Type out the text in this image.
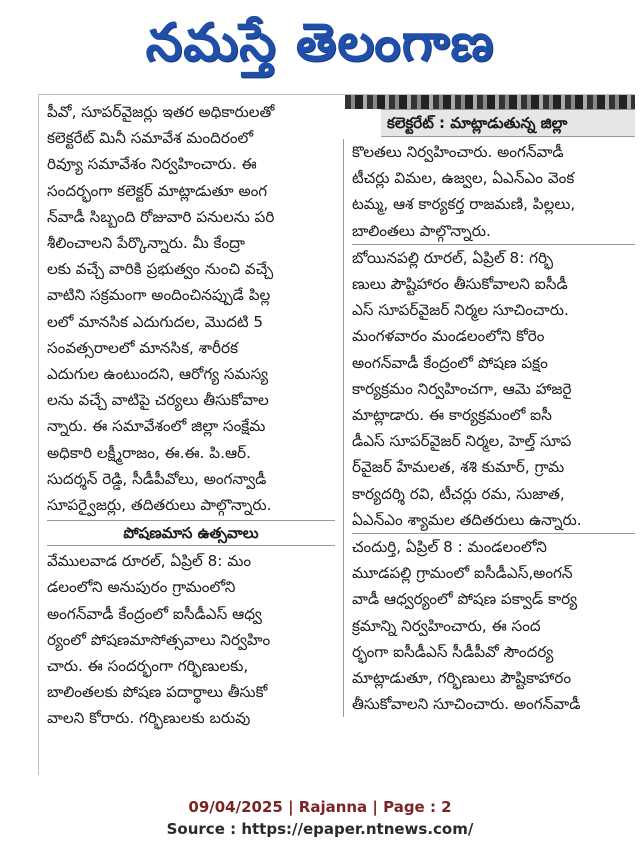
నమస్తే తెలంగాణ
కలెక్టరేట్ : మాట్లాడుతున్న జిల్లా

పీవో, సూపర్‌వైజర్లు ఇతర అధికారులతో

కలెక్టరేట్ మినీ సమావేశ మందిరంలో

రివ్యూ సమావేశం నిర్వహించారు. ఈ

సందర్భంగా కలెక్టర్ మాట్లాడుతూ అంగ

న్‌వాడీ సిబ్బంది రోజువారి పనులను పరి

శీలించాలని పేర్కొన్నారు. మీ కేంద్రా

లకు వచ్చే వారికి ప్రభుత్వం నుంచి వచ్చే

వాటిని సక్రమంగా అందించినప్పుడే పిల్ల

లలో మానసిక ఎదుగుదల, మొదటి 5

సంవత్సరాలలో మానసిక, శారీరక

ఎదుగుల ఉంటుందని, ఆరోగ్య సమస్య

లను వచ్చే వాటిపై చర్యలు తీసుకోవాల

న్నారు. ఈ సమావేశంలో జిల్లా సంక్షేమ

అధికారి లక్ష్మీరాజం, ఈ.ఈ. పి.ఆర్.

సుదర్శన్ రెడ్డి, సీడీపీవోలు, అంగన్వాడీ

సూపర్వైజర్లు, తదితరులు పాల్గొన్నారు.

పోషణమాస ఉత్సవాలు

వేములవాడ రూరల్, ఏప్రిల్ 8: మం

డలంలోని అనుపురం గ్రామంలోని

అంగన్‌వాడీ కేంద్రంలో ఐసీడీఎస్ ఆధ్వ

ర్యంలో పోషణమాసోత్సవాలు నిర్వహిం

చారు. ఈ సందర్భంగా గర్భిణులకు,

బాలింతలకు పోషణ పదార్థాలు తీసుకో

వాలని కోరారు. గర్భిణులకు బరువు

కొలతలు నిర్వహించారు. అంగన్‌వాడీ

టీచర్లు విమల, ఉజ్వల, ఏఎన్ఎం వెంక

టమ్మ, ఆశ కార్యకర్త రాజమణి, పిల్లలు,

బాలింతలు పాల్గొన్నారు.

బోయినపల్లి రూరల్, ఏప్రిల్ 8: గర్భి

ణులు పౌష్టిహారం తీసుకోవాలని ఐసీడీ

ఎస్ సూపర్‌వైజర్ నిర్మల సూచించారు.

మంగళవారం మండలంలోని కోరెం

అంగన్‌వాడీ కేంద్రంలో పోషణ పక్షం

కార్యక్రమం నిర్వహించగా, ఆమె హాజరై

మాట్లాడారు. ఈ కార్యక్రమంలో ఐసీ

డీఎస్ సూపర్‌వైజర్ నిర్మల, హెల్త్ సూప

ర్‌వైజర్ హేమలత, శశి కుమార్, గ్రామ

కార్యదర్శి రవి, టీచర్లు రమ, సుజాత,

ఏఎన్ఎం శ్యామల తదితరులు ఉన్నారు.

చందుర్తి, ఏప్రిల్ 8 : మండలంలోని

మూడపల్లి గ్రామంలో ఐసీడీఎస్,అంగన్

వాడీ ఆధ్వర్యంలో పోషణ పక్వాడ్ కార్య

క్రమాన్ని నిర్వహించారు, ఈ సంద

ర్భంగా ఐసీడీఎస్ సీడీపీవో సౌందర్య

మాట్లాడుతూ, గర్భిణులు పౌష్టికాహారం

తీసుకోవాలని సూచించారు. అంగన్‌వాడీ

09/04/2025 | Rajanna | Page : 2
Source : https://epaper.ntnews.com/
